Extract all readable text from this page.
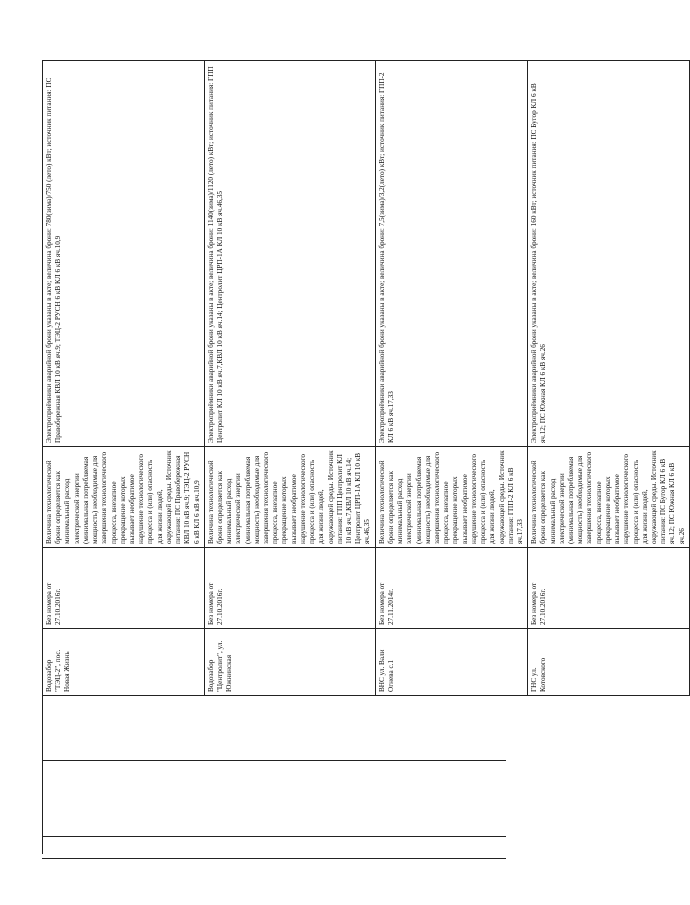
	Водозабор "ТЭЦ-2", пос. Новая Жизнь	Без номера от 27.10.2016г.	Величина технологической брони определяется как минимальный расход электрической энергии (минимальная потребляемая мощность) необходимые для завершения технологического процесса, внезапное прекращение которых вызывает необратимое нарушение технологического процесса и (или) опасность для жизни людей, окружающей среды. Источник питания: ПС Правобережная КВЛ 10 кВ яч.9; ТЭЦ-2 РУСН 6 кВ КЛ 6 кВ яч.10,9	Электроприёмники аварийной брони указаны в акте; величина брони: 780(зима)/750 (лето) кВт; источник питания: ПС Правобережная КВЛ 10 кВ яч.9; ТЭЦ-2 РУСН 6 кВ КЛ 6 кВ яч.10,9
	Водозабор "Центролит", ул. Южнинская	Без номера от 27.10.2016г.	Величина технологической брони определяется как минимальный расход электрической энергии (минимальная потребляемая мощность) необходимые для завершения технологического процесса, внезапное прекращение которых вызывает необратимое нарушение технологического процесса и (или) опасность для жизни людей, окружающей среды. Источник питания: ГПП Центролит КЛ 10 кВ яч.7,КВЛ 10 кВ яч.14; Центролит ЦРП-1А КЛ 10 кВ яч.46,35	Электроприёмники аварийной брони указаны в акте; величина брони: 1140(зима)/1120 (лето) кВт; источник питания: ГПП Центролит КЛ 10 кВ яч.7,КВЛ 10 кВ яч.14; Центролит ЦРП-1А КЛ 10 кВ яч.46,35
	ВНС ул. Вали Огнева с.1	Без номера от 27.11.2014г.	Величина технологической брони определяется как минимальный расход электрической энергии (минимальная потребляемая мощность) необходимые для завершения технологического процесса, внезапное прекращение которых вызывает необратимое нарушение технологического процесса и (или) опасность для жизни людей, окружающей среды. Источник питания: ГПП-2 КЛ 6 кВ яч.17,33	Электроприёмники аварийной брони указаны в акте; величина брони: 7,5(зима)/3,2(лето) кВт; источник питания: ГПП-2 КЛ 6 кВ яч.17,33
	ГНС ул. Котовского	Без номера от 27.10.2016г.	Величина технологической брони определяется как минимальный расход электрической энергии (минимальная потребляемая мощность) необходимые для завершения технологического процесса, внезапное прекращение которых вызывает необратимое нарушение технологического процесса и (или) опасность для жизни людей, окружающей среды. Источник питания: ПС Бугор КЛ 6 кВ яч.12; ПС Южная КЛ 6 кВ яч.26	Электроприёмники аварийной брони указаны в акте; величина брони: 160 кВт; источник питания: ПС Бугор КЛ 6 кВ яч.12; ПС Южная КЛ 6 кВ яч.26
